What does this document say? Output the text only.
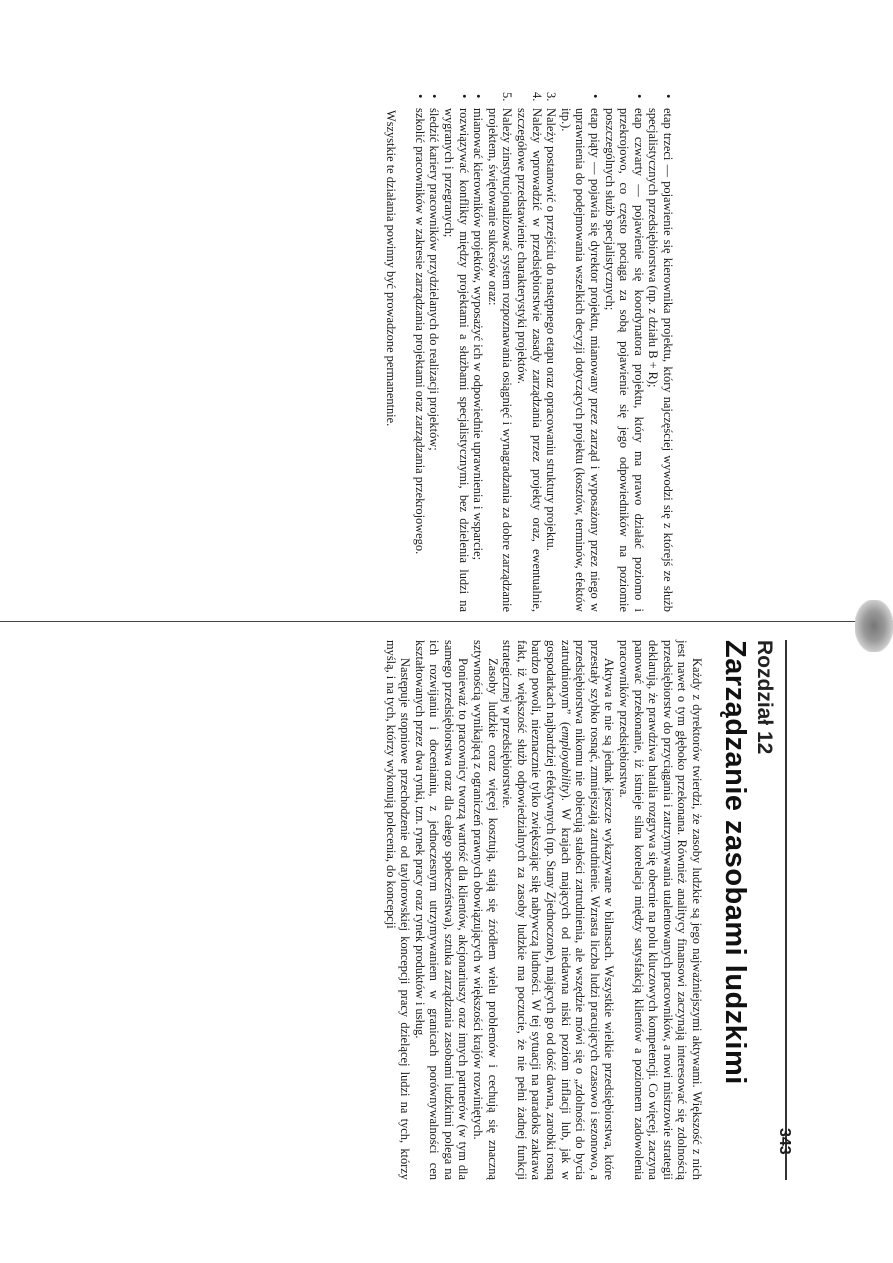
•
etap trzeci — pojawienie się kierownika projektu, który najczęściej wywodzi się z którejś ze służb specjalistycznych przedsiębiorstwa (np. z działu B + R);
•
etap czwarty — pojawienie się koordynatora projektu, który ma prawo działać poziomo i przekrojowo, co często pociąga za sobą pojawienie się jego odpowiedników na poziomie poszczególnych służb specjalistycznych;
•
etap piąty — pojawia się dyrektor projektu, mianowany przez zarząd i wyposażony przez niego w uprawnienia do podejmowania wszelkich decyzji dotyczących projektu (kosztów, terminów, efektów itp.).
3.
Należy postanowić o przejściu do następnego etapu oraz opracowaniu struktury projektu.
4.
Należy wprowadzić w przedsiębiorstwie zasady zarządzania przez projekty oraz, ewentualnie, szczegółowe przedstawienie charakterystyki projektów.
5.
Należy zinstytucjonalizować system rozpoznawania osiągnięć i wynagradzania za dobre zarządzanie projektem, świętowanie sukcesów oraz:
•
mianować kierowników projektów, wyposażyć ich w odpowiednie uprawnienia i wsparcie;
•
rozwiązywać konflikty między projektami a służbami specjalistycznymi, bez dzielenia ludzi na wygranych i przegranych;
•
śledzić kariery pracowników przydzielanych do realizacji projektów;
•
szkolić pracowników w zakresie zarządzania projektami oraz zarządzania przekrojowego.

Wszystkie te działania powinny być prowadzone permanentnie.

Rozdział 12
Zarządzanie zasobami ludzkimi

Każdy z dyrektorów twierdzi, że zasoby ludzkie są jego najważniejszymi aktywami. Większość z nich jest nawet o tym głęboko przekonana. Również analitycy finansowi zaczynają interesować się zdolnością przedsiębiorstw do przyciągania i zatrzymywania utalentowanych pracowników, a nowi mistrzowie strategii deklarują, że prawdziwa batalia rozgrywa się obecnie na polu kluczowych kompetencji. Co więcej, zaczyna panować przekonanie, iż istnieje silna korelacja między satysfakcją klientów a poziomem zadowolenia pracowników przedsiębiorstwa.

Aktywa te nie są jednak jeszcze wykazywane w bilansach. Wszystkie wielkie przedsiębiorstwa, które przestały szybko rosnąć, zmniejszają zatrudnienie. Wzrasta liczba ludzi pracujących czasowo i sezonowo, a przedsiębiorstwa nikomu nie obiecują stałości zatrudnienia, ale wszędzie mówi się o „zdolności do bycia zatrudnionym” (employability). W krajach mających od niedawna niski poziom inflacji lub, jak w gospodarkach najbardziej efektywnych (np. Stany Zjednoczone), mających go od dość dawna, zarobki rosną bardzo powoli, nieznacznie tylko zwiększając siłę nabywczą ludności. W tej sytuacji na paradoks zakrawa fakt, iż większość służb odpowiedzialnych za zasoby ludzkie ma poczucie, że nie pełni żadnej funkcji strategicznej w przedsiębiorstwie.

Zasoby ludzkie coraz więcej kosztują, stają się źródłem wielu problemów i cechują się znaczną sztywnością wynikającą z ograniczeń prawnych obowiązujących w większości krajów rozwiniętych.

Ponieważ to pracownicy tworzą wartość dla klientów, akcjonariuszy oraz innych partnerów (w tym dla samego przedsiębiorstwa oraz dla całego społeczeństwa), sztuka zarządzania zasobami ludzkimi polega na ich rozwijaniu i docenianiu, z jednoczesnym utrzymywaniem w granicach porównywalności cen kształtowanych przez dwa rynki, tzn. rynek pracy oraz rynek produktów i usług.

Następuje stopniowe przechodzenie od taylorowskiej koncepcji pracy dzielącej ludzi na tych, którzy myślą, i na tych, którzy wykonują polecenia, do koncepcji

343
